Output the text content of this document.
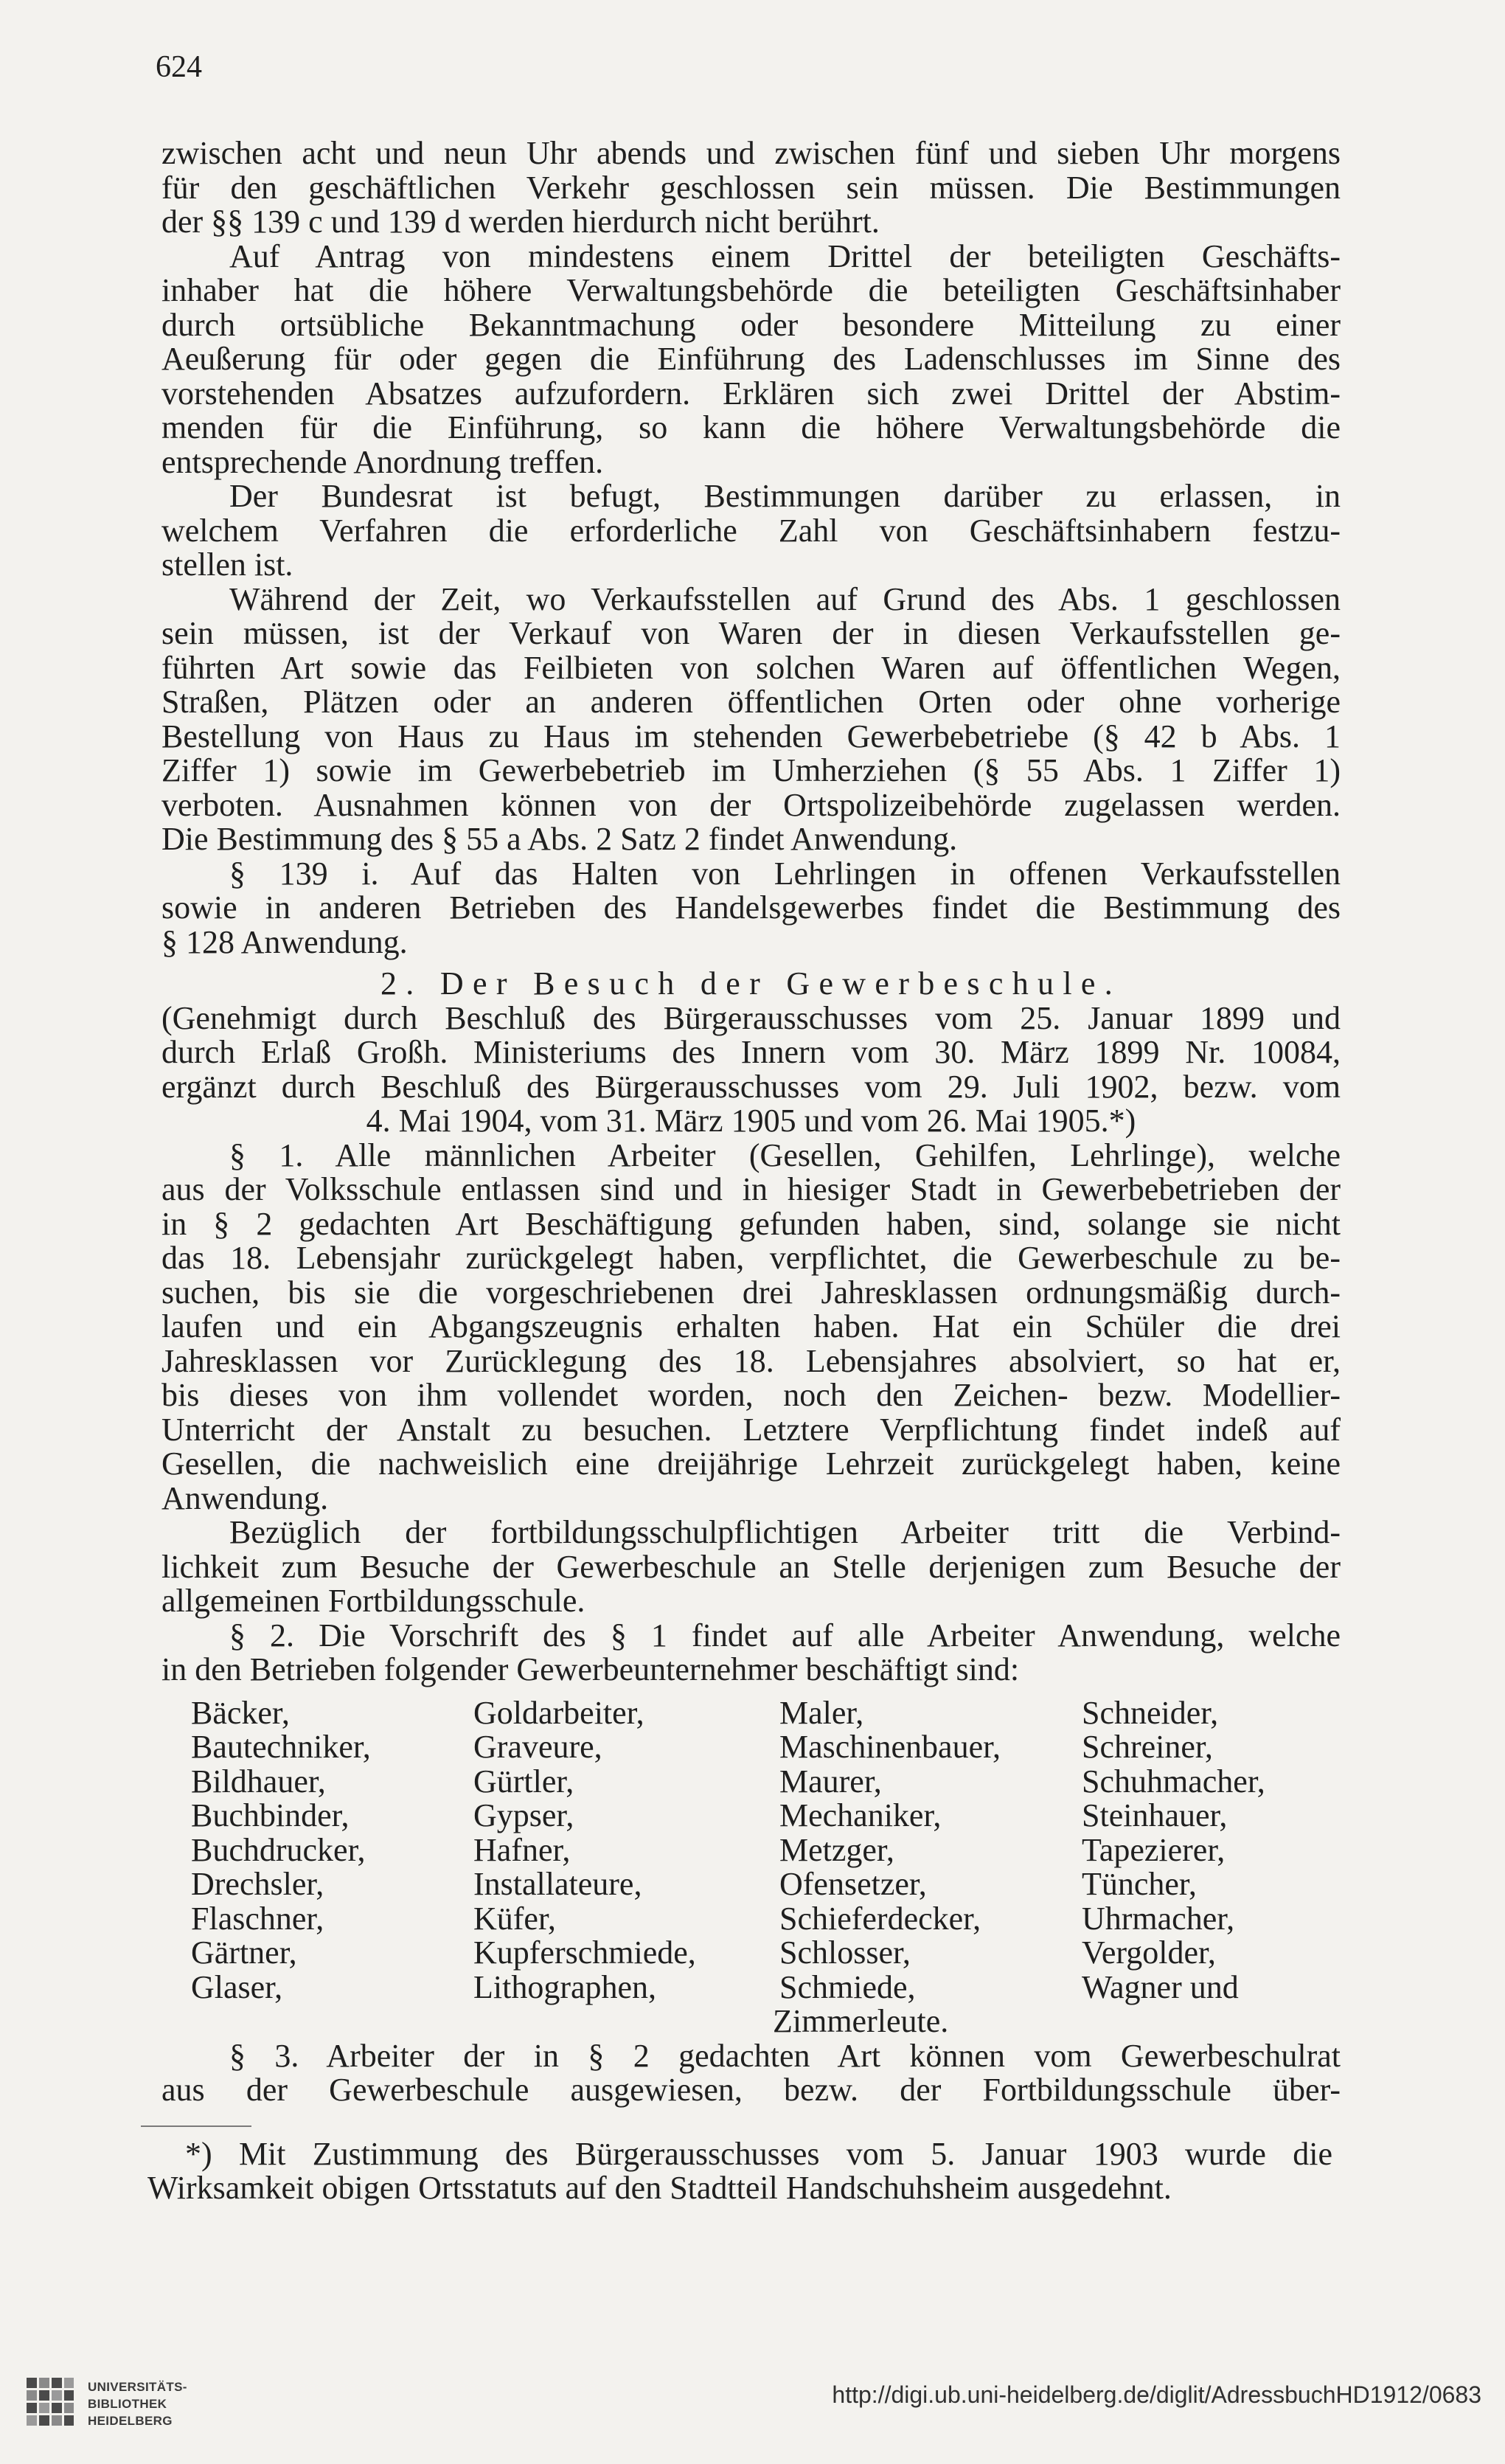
624
zwischen acht und neun Uhr abends und zwischen fünf und sieben Uhr morgens
für den geschäftlichen Verkehr geschlossen sein müssen. Die Bestimmungen
der §§ 139 c und 139 d werden hierdurch nicht berührt.
Auf Antrag von mindestens einem Drittel der beteiligten Geschäfts-
inhaber hat die höhere Verwaltungsbehörde die beteiligten Geschäftsinhaber
durch ortsübliche Bekanntmachung oder besondere Mitteilung zu einer
Aeußerung für oder gegen die Einführung des Ladenschlusses im Sinne des
vorstehenden Absatzes aufzufordern. Erklären sich zwei Drittel der Abstim-
menden für die Einführung, so kann die höhere Verwaltungsbehörde die
entsprechende Anordnung treffen.
Der Bundesrat ist befugt, Bestimmungen darüber zu erlassen, in
welchem Verfahren die erforderliche Zahl von Geschäftsinhabern festzu-
stellen ist.
Während der Zeit, wo Verkaufsstellen auf Grund des Abs. 1 geschlossen
sein müssen, ist der Verkauf von Waren der in diesen Verkaufsstellen ge-
führten Art sowie das Feilbieten von solchen Waren auf öffentlichen Wegen,
Straßen, Plätzen oder an anderen öffentlichen Orten oder ohne vorherige
Bestellung von Haus zu Haus im stehenden Gewerbebetriebe (§ 42 b Abs. 1
Ziffer 1) sowie im Gewerbebetrieb im Umherziehen (§ 55 Abs. 1 Ziffer 1)
verboten. Ausnahmen können von der Ortspolizeibehörde zugelassen werden.
Die Bestimmung des § 55 a Abs. 2 Satz 2 findet Anwendung.
§ 139 i. Auf das Halten von Lehrlingen in offenen Verkaufsstellen
sowie in anderen Betrieben des Handelsgewerbes findet die Bestimmung des
§ 128 Anwendung.
2. Der Besuch der Gewerbeschule.
(Genehmigt durch Beschluß des Bürgerausschusses vom 25. Januar 1899 und
durch Erlaß Großh. Ministeriums des Innern vom 30. März 1899 Nr. 10084,
ergänzt durch Beschluß des Bürgerausschusses vom 29. Juli 1902, bezw. vom
4. Mai 1904, vom 31. März 1905 und vom 26. Mai 1905.*)
§ 1. Alle männlichen Arbeiter (Gesellen, Gehilfen, Lehrlinge), welche
aus der Volksschule entlassen sind und in hiesiger Stadt in Gewerbebetrieben der
in § 2 gedachten Art Beschäftigung gefunden haben, sind, solange sie nicht
das 18. Lebensjahr zurückgelegt haben, verpflichtet, die Gewerbeschule zu be-
suchen, bis sie die vorgeschriebenen drei Jahresklassen ordnungsmäßig durch-
laufen und ein Abgangszeugnis erhalten haben. Hat ein Schüler die drei
Jahresklassen vor Zurücklegung des 18. Lebensjahres absolviert, so hat er,
bis dieses von ihm vollendet worden, noch den Zeichen- bezw. Modellier-
Unterricht der Anstalt zu besuchen. Letztere Verpflichtung findet indeß auf
Gesellen, die nachweislich eine dreijährige Lehrzeit zurückgelegt haben, keine
Anwendung.
Bezüglich der fortbildungsschulpflichtigen Arbeiter tritt die Verbind-
lichkeit zum Besuche der Gewerbeschule an Stelle derjenigen zum Besuche der
allgemeinen Fortbildungsschule.
§ 2. Die Vorschrift des § 1 findet auf alle Arbeiter Anwendung, welche
in den Betrieben folgender Gewerbeunternehmer beschäftigt sind:
Bäcker,	Goldarbeiter,	Maler,	Schneider,
Bautechniker,	Graveure,	Maschinenbauer,	Schreiner,
Bildhauer,	Gürtler,	Maurer,	Schuhmacher,
Buchbinder,	Gypser,	Mechaniker,	Steinhauer,
Buchdrucker,	Hafner,	Metzger,	Tapezierer,
Drechsler,	Installateure,	Ofensetzer,	Tüncher,
Flaschner,	Küfer,	Schieferdecker,	Uhrmacher,
Gärtner,	Kupferschmiede,	Schlosser,	Vergolder,
Glaser,	Lithographen,	Schmiede,	Wagner und
Zimmerleute.
§ 3. Arbeiter der in § 2 gedachten Art können vom Gewerbeschulrat
aus der Gewerbeschule ausgewiesen, bezw. der Fortbildungsschule über-
*) Mit Zustimmung des Bürgerausschusses vom 5. Januar 1903 wurde die
Wirksamkeit obigen Ortsstatuts auf den Stadtteil Handschuhsheim ausgedehnt.
UNIVERSITÄTS-
BIBLIOTHEK
HEIDELBERG
http://digi.ub.uni-heidelberg.de/diglit/AdressbuchHD1912/0683
